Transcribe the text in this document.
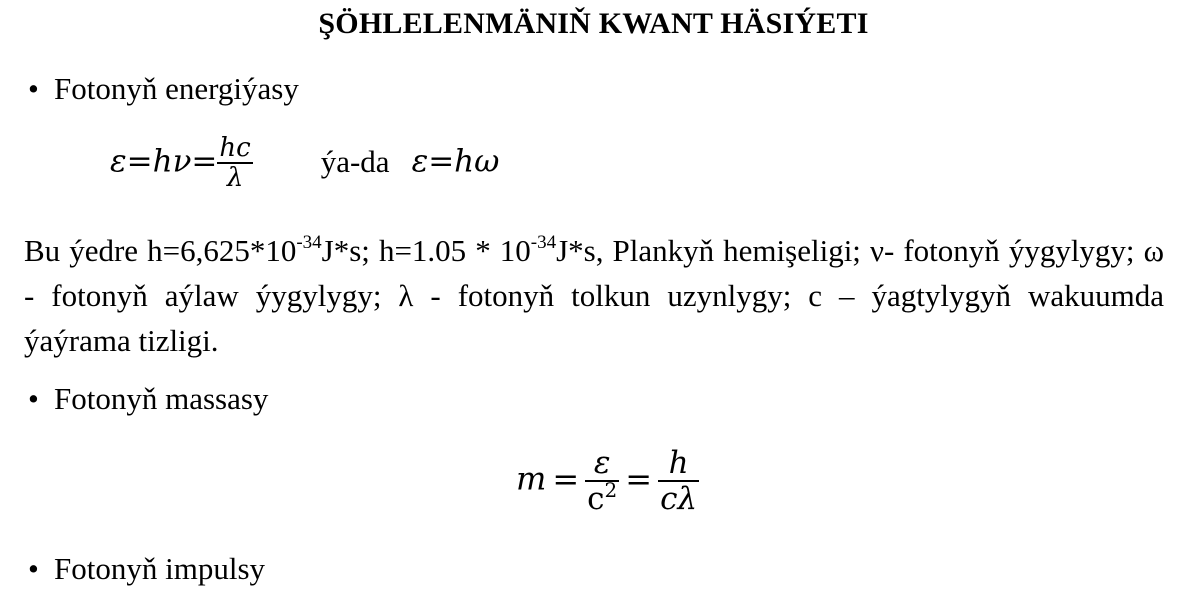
ŞÖHLELENMÄNIŇ KWANT HÄSIÝETI
• Fotonyň energiýasy
$\varepsilon=h\nu= \frac{hc}{\lambda}$ ýa-da ε=hω
Bu ýedre $h=6,625*10^{-34}J*s$; $h=1.05 * 10^{-34}J*s$, Plankyň hemişeligi; ν- fotonyň ýygylygy; ω - fotonyň aýlaw ýygylygy; λ - fotonyň tolkun uzynlygy; c – ýagtylygyň wakuumda ýaýrama tizligi.
• Fotonyň massasy
$m = \frac{\varepsilon}{c^2} = \frac{h}{c\lambda}$
• Fotonyň impulsy
